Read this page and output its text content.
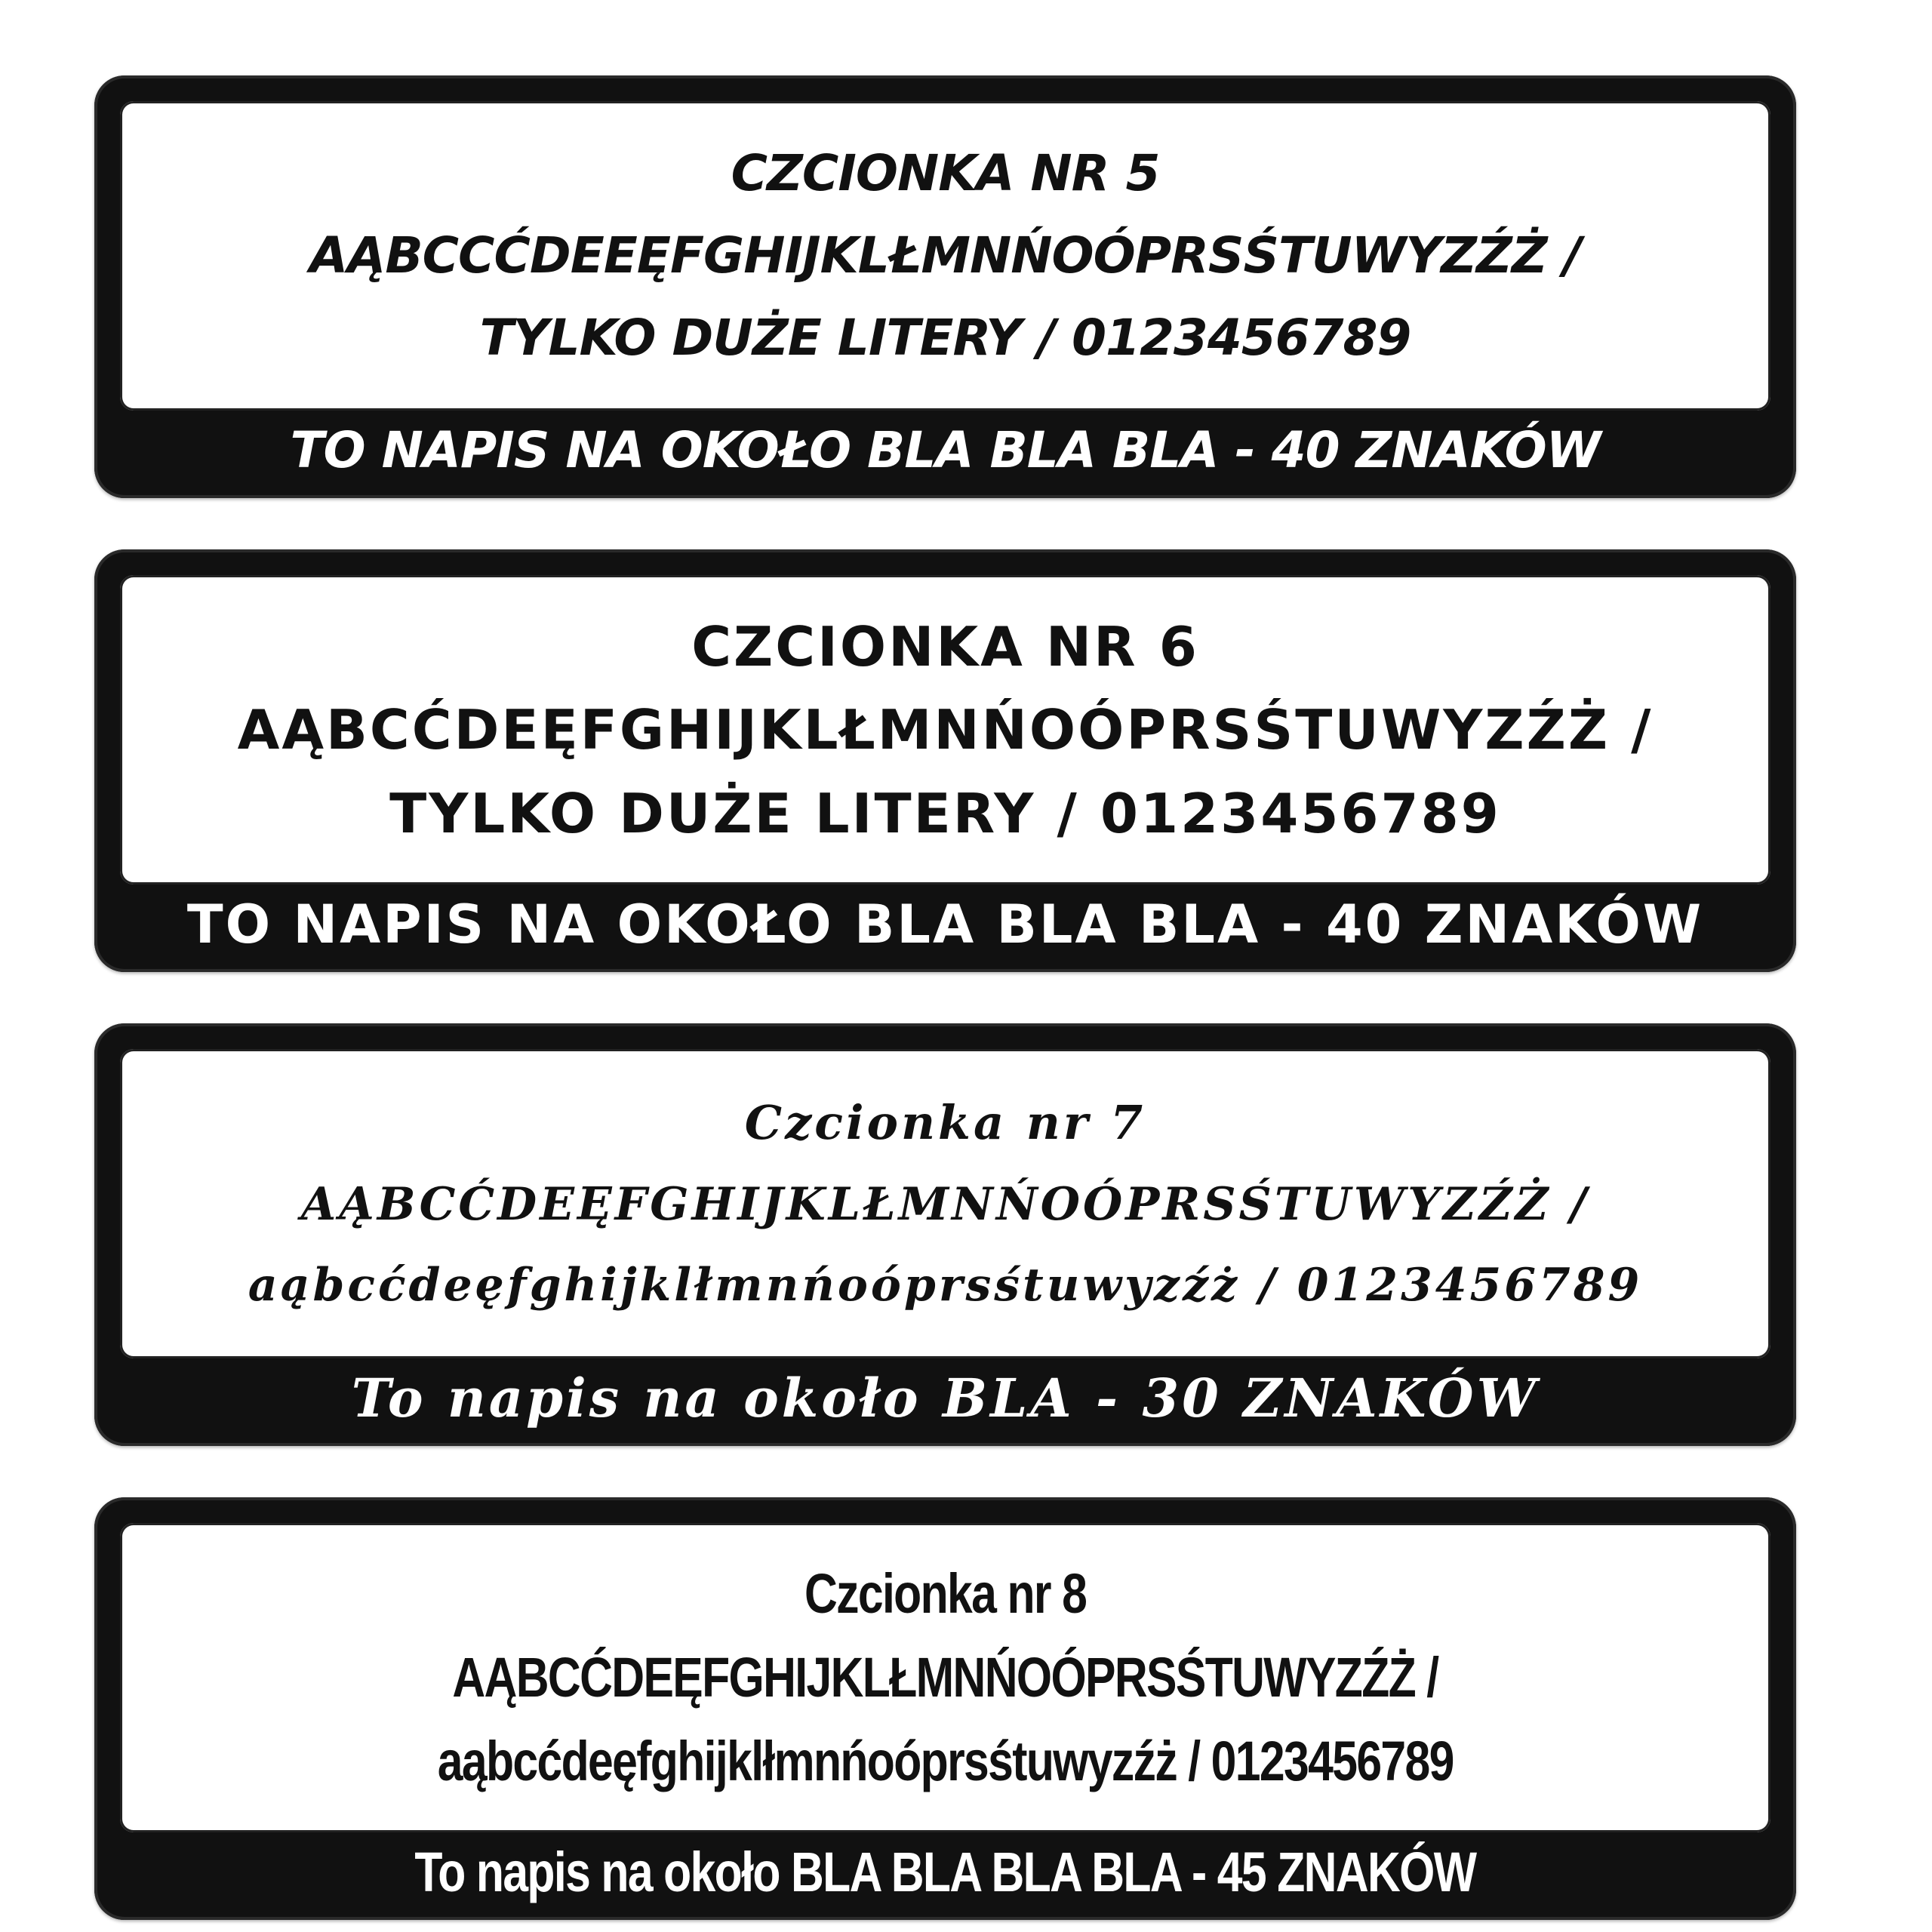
CZCIONKA NR 5
AĄBCCĆDEEĘFGHIJKLŁMNŃOÓPRSŚTUWYZŹŻ /
TYLKO DUŻE LITERY / 0123456789
TO NAPIS NA OKOŁO BLA BLA BLA - 40 ZNAKÓW
CZCIONKA NR 6
AĄBCĆDEĘFGHIJKLŁMNŃOÓPRSŚTUWYZŹŻ /
TYLKO DUŻE LITERY / 0123456789
TO NAPIS NA OKOŁO BLA BLA BLA - 40 ZNAKÓW
Czcionka nr 7
AĄBCĆDEĘFGHIJKLŁMNŃOÓPRSŚTUWYZŹŻ /
aąbcćdeęfghijklłmnńoóprsśtuwyzźż / 0123456789
To napis na około BLA - 30 ZNAKÓW
Czcionka nr 8
AĄBCĆDEĘFGHIJKLŁMNŃOÓPRSŚTUWYZŹŻ /
aąbcćdeęfghijklłmnńoóprsśtuwyzźż / 0123456789
To napis na około BLA BLA BLA BLA - 45 ZNAKÓW
